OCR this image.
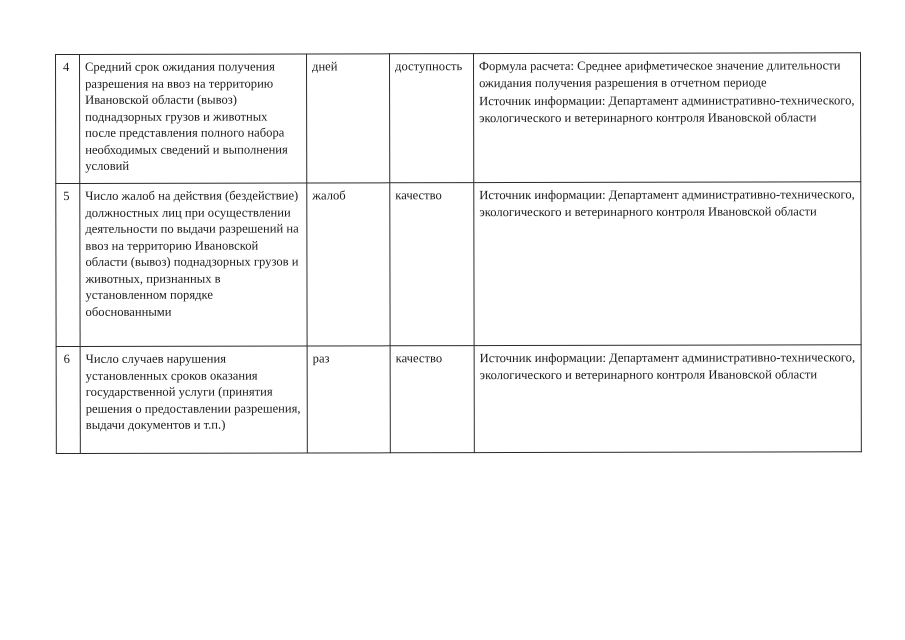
4	Средний срок ожидания получения разрешения на ввоз на территорию Ивановской области (вывоз) поднадзорных грузов и животных после представления полного набора необходимых сведений и выполнения условий	дней	доступность	Формула расчета: Среднее арифметическое значение длительности ожидания получения разрешения в отчетном периоде
Источник информации: Департамент административно-технического, экологического и ветеринарного контроля Ивановской области

5	Число жалоб на действия (бездействие) должностных лиц при осуществлении деятельности по выдачи разрешений на ввоз на территорию Ивановской области (вывоз) поднадзорных грузов и животных, признанных в установленном порядке обоснованными	жалоб	качество	Источник информации: Департамент административно-технического, экологического и ветеринарного контроля Ивановской области

6	Число случаев нарушения установленных сроков оказания государственной услуги (принятия решения о предоставлении разрешения, выдачи документов и т.п.)	раз	качество	Источник информации: Департамент административно-технического, экологического и ветеринарного контроля Ивановской области
